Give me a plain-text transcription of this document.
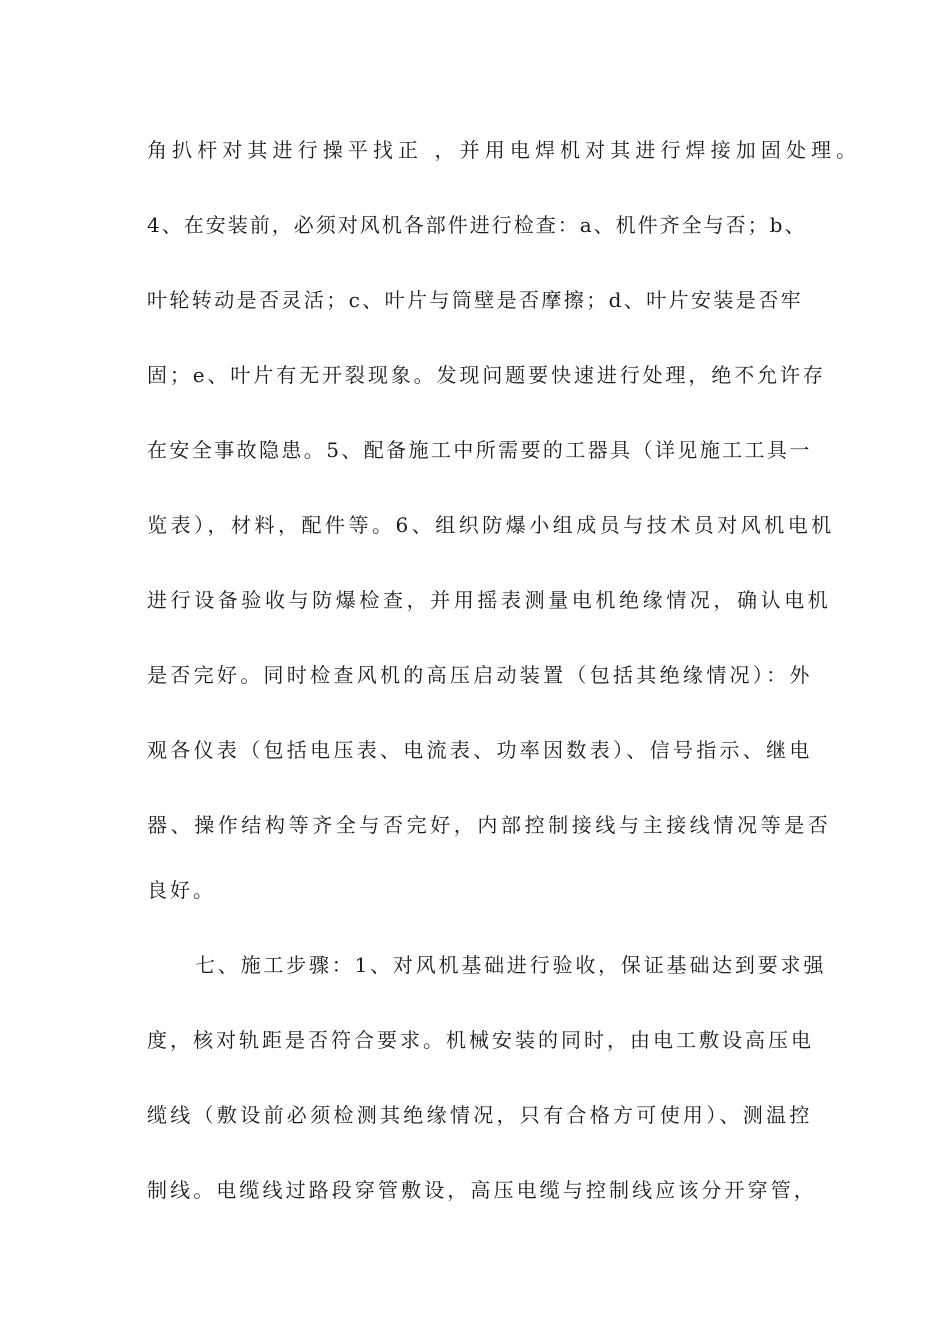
角扒杆对其进行操平找正 ，并用电焊机对其进行焊接加固处理。
4、在安装前，必须对风机各部件进行检查：a、机件齐全与否；b、
叶轮转动是否灵活；c、叶片与筒壁是否摩擦；d、叶片安装是否牢
固；e、叶片有无开裂现象。发现问题要快速进行处理，绝不允许存
在安全事故隐患。5、配备施工中所需要的工器具（详见施工工具一
览表），材料，配件等。6、组织防爆小组成员与技术员对风机电机
进行设备验收与防爆检查，并用摇表测量电机绝缘情况，确认电机
是否完好。同时检查风机的高压启动装置（包括其绝缘情况）：外
观各仪表（包括电压表、电流表、功率因数表）、信号指示、继电
器、操作结构等齐全与否完好，内部控制接线与主接线情况等是否
良好。
七、施工步骤：1、对风机基础进行验收，保证基础达到要求强
度，核对轨距是否符合要求。机械安装的同时，由电工敷设高压电
缆线（敷设前必须检测其绝缘情况，只有合格方可使用）、测温控
制线。电缆线过路段穿管敷设，高压电缆与控制线应该分开穿管，
